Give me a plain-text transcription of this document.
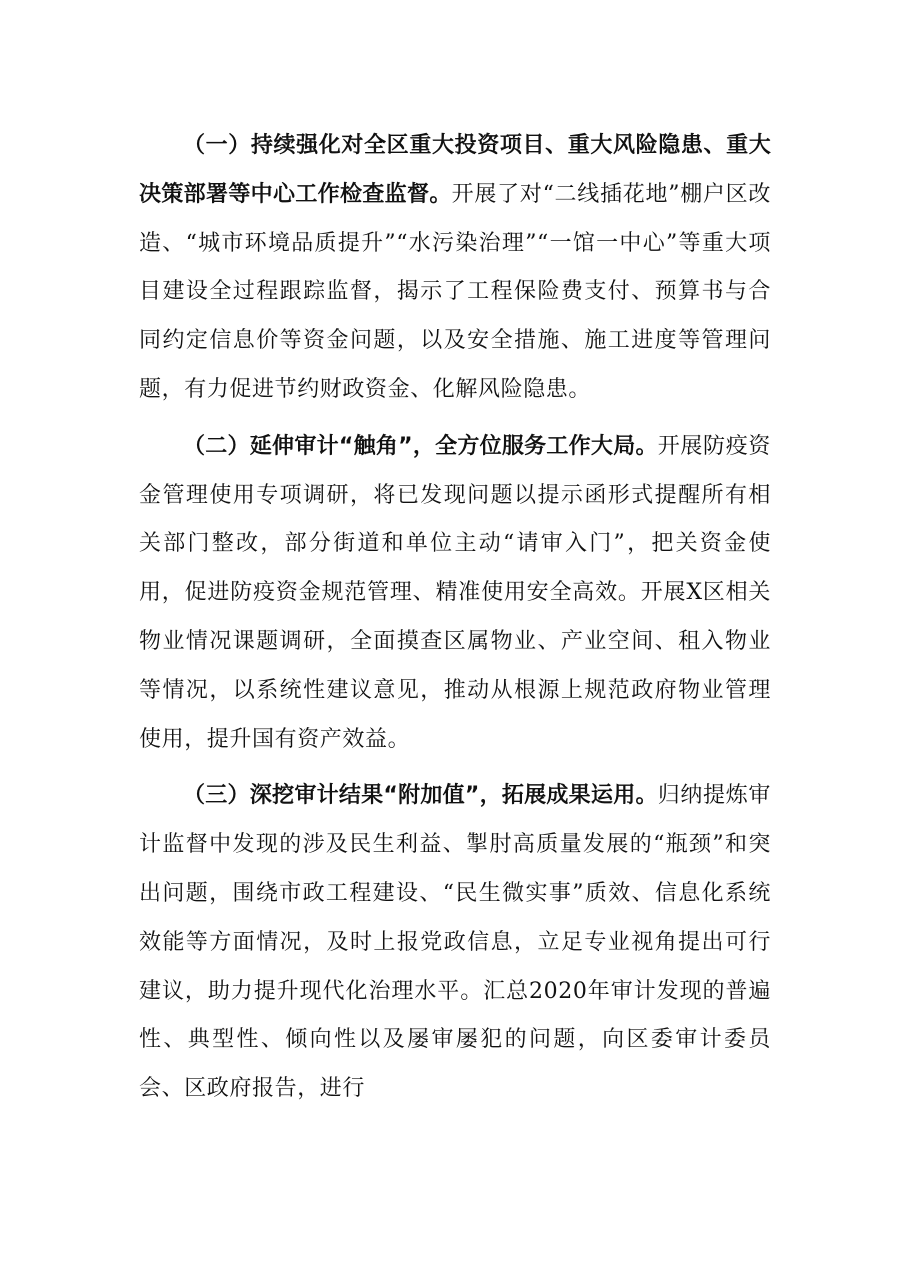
（一）持续强化对全区重大投资项目、重大风险隐患、重大决策部署等中心工作检查监督。开展了对“二线插花地”棚户区改造、“城市环境品质提升”“水污染治理”“一馆一中心”等重大项目建设全过程跟踪监督，揭示了工程保险费支付、预算书与合同约定信息价等资金问题，以及安全措施、施工进度等管理问题，有力促进节约财政资金、化解风险隐患。

（二）延伸审计“触角”，全方位服务工作大局。开展防疫资金管理使用专项调研，将已发现问题以提示函形式提醒所有相关部门整改，部分街道和单位主动“请审入门”，把关资金使用，促进防疫资金规范管理、精准使用安全高效。开展X区相关物业情况课题调研，全面摸查区属物业、产业空间、租入物业等情况，以系统性建议意见，推动从根源上规范政府物业管理使用，提升国有资产效益。

（三）深挖审计结果“附加值”，拓展成果运用。归纳提炼审计监督中发现的涉及民生利益、掣肘高质量发展的“瓶颈”和突出问题，围绕市政工程建设、“民生微实事”质效、信息化系统效能等方面情况，及时上报党政信息，立足专业视角提出可行建议，助力提升现代化治理水平。汇总2020年审计发现的普遍性、典型性、倾向性以及屡审屡犯的问题，向区委审计委员会、区政府报告，进行
